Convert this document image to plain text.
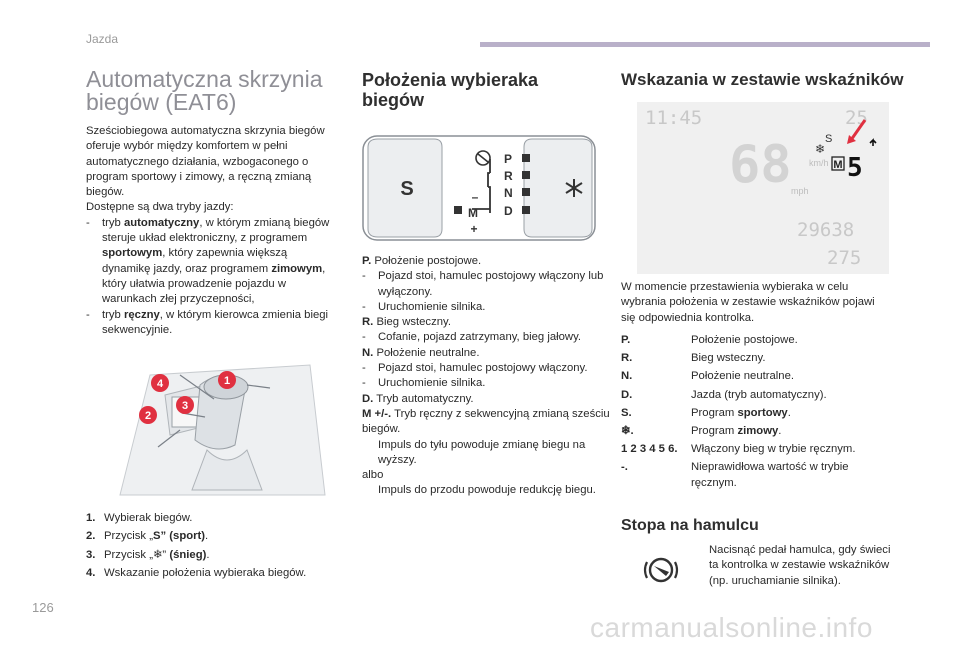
Jazda
126
carmanualsonline.info
Automatyczna skrzynia
biegów (EAT6)

Sześciobiegowa automatyczna skrzynia biegów oferuje wybór między komfortem w pełni automatycznego działania, wzbogaconego o program sportowy i zimowy, a ręczną zmianą biegów.

Dostępne są dwa tryby jazdy:

- tryb automatyczny, w którym zmianą biegów steruje układ elektroniczny, z programem sportowym, który zapewnia większą dynamikę jazdy, oraz programem zimowym, który ułatwia prowadzenie pojazdu w warunkach złej przyczepności,
- tryb ręczny, w którym kierowca zmienia biegi sekwencyjnie.
4	1
3
2
1. Wybierak biegów.
2. Przycisk „S” (sport).
3. Przycisk „❄” (śnieg).
4. Wskazanie położenia wybieraka biegów.
Położenia wybieraka
biegów
S
P
R
N
D
–
M
+
P. Położenie postojowe.
- Pojazd stoi, hamulec postojowy włączony lub wyłączony.
- Uruchomienie silnika.
R. Bieg wsteczny.
- Cofanie, pojazd zatrzymany, bieg jałowy.
N. Położenie neutralne.
- Pojazd stoi, hamulec postojowy włączony.
- Uruchomienie silnika.
D. Tryb automatyczny.
M +/-. Tryb ręczny z sekwencyjną zmianą sześciu biegów.
Impuls do tyłu powoduje zmianę biegu na wyższy.
albo
Impuls do przodu powoduje redukcję biegu.
Wskazania w zestawie wskaźników
11:45	25
S
❄
68 km/h
mph
M 5
29638
275
W momencie przestawienia wybieraka w celu wybrania położenia w zestawie wskaźników pojawi się odpowiednia kontrolka.
P.	Położenie postojowe.
R.	Bieg wsteczny.
N.	Położenie neutralne.
D.	Jazda (tryb automatyczny).
S.	Program sportowy.
❄.	Program zimowy.
1 2 3 4 5 6.	Włączony bieg w trybie ręcznym.
-.	Nieprawidłowa wartość w trybie ręcznym.
Stopa na hamulcu
Nacisnąć pedał hamulca, gdy świeci ta kontrolka w zestawie wskaźników (np. uruchamianie silnika).
